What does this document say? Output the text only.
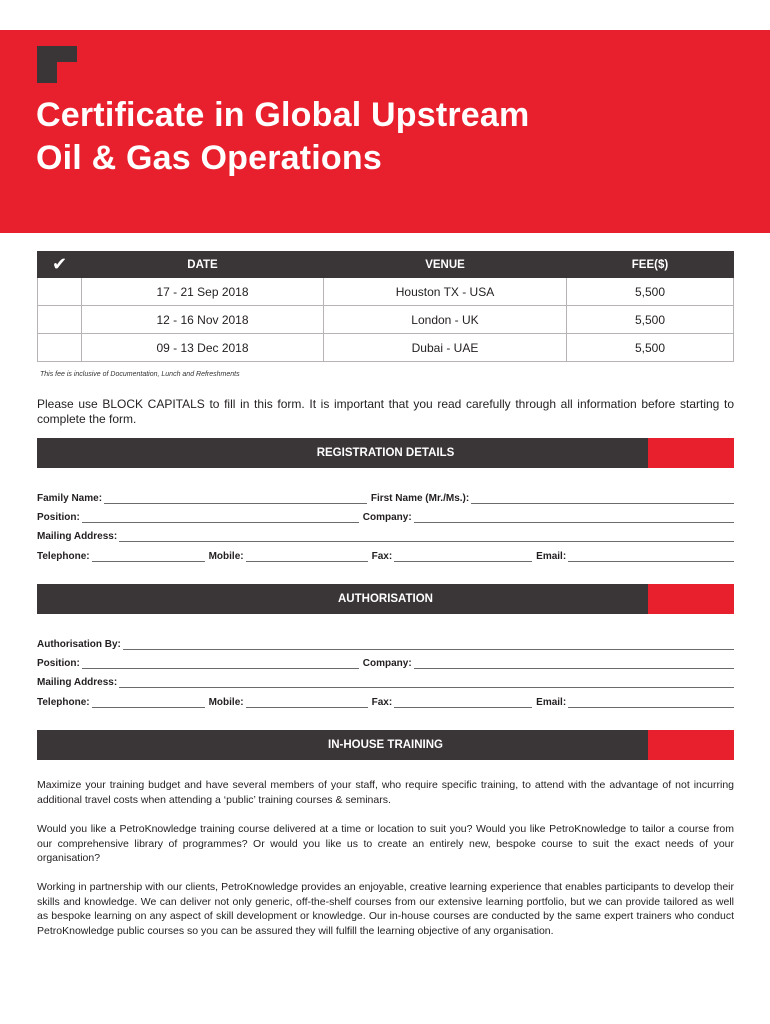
Certificate in Global Upstream
Oil & Gas Operations
✔	DATE	VENUE	FEE($)
	17 - 21 Sep 2018	Houston TX - USA	5,500
	12 - 16 Nov 2018	London - UK	5,500
	09 - 13 Dec 2018	Dubai - UAE	5,500
This fee is inclusive of Documentation, Lunch and Refreshments
Please use BLOCK CAPITALS to fill in this form. It is important that you read carefully through all information before starting to complete the form.
REGISTRATION DETAILS
Family Name:	First Name (Mr./Ms.):
Position:	Company:
Mailing Address:
Telephone:	Mobile:	Fax:	Email:
AUTHORISATION
Authorisation By:
Position:	Company:
Mailing Address:
Telephone:	Mobile:	Fax:	Email:
IN-HOUSE TRAINING
Maximize your training budget and have several members of your staff, who require specific training, to attend with the advantage of not incurring additional travel costs when attending a ‘public’ training courses & seminars.
Would you like a PetroKnowledge training course delivered at a time or location to suit you? Would you like PetroKnowledge to tailor a course from our comprehensive library of programmes? Or would you like us to create an entirely new, bespoke course to suit the exact needs of your organisation?
Working in partnership with our clients, PetroKnowledge provides an enjoyable, creative learning experience that enables participants to develop their skills and knowledge. We can deliver not only generic, off-the-shelf courses from our extensive learning portfolio, but we can provide tailored as well as bespoke learning on any aspect of skill development or knowledge. Our in-house courses are conducted by the same expert trainers who conduct PetroKnowledge public courses so you can be assured they will fulfill the learning objective of any organisation.
